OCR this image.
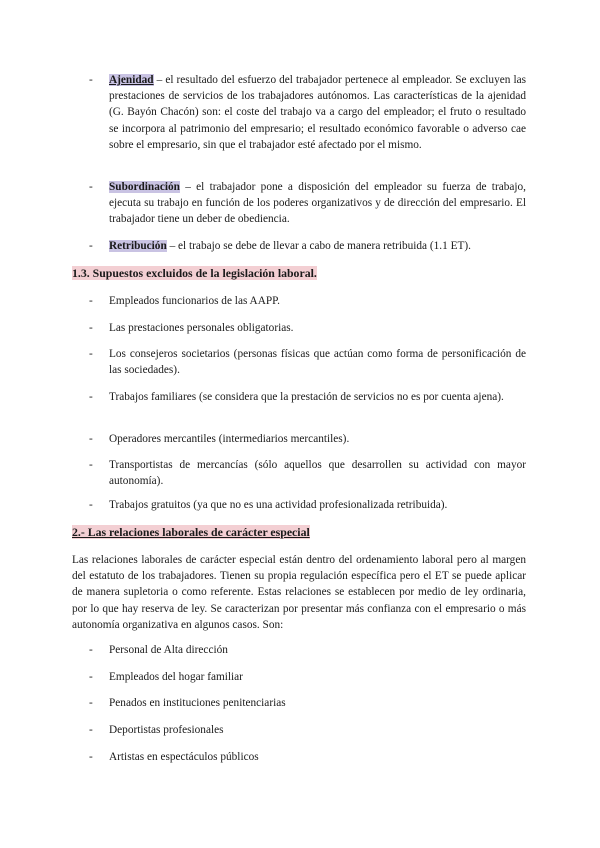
- Ajenidad – el resultado del esfuerzo del trabajador pertenece al empleador. Se excluyen las prestaciones de servicios de los trabajadores autónomos. Las características de la ajenidad (G. Bayón Chacón) son: el coste del trabajo va a cargo del empleador; el fruto o resultado se incorpora al patrimonio del empresario; el resultado económico favorable o adverso cae sobre el empresario, sin que el trabajador esté afectado por el mismo.
- Subordinación – el trabajador pone a disposición del empleador su fuerza de trabajo, ejecuta su trabajo en función de los poderes organizativos y de dirección del empresario. El trabajador tiene un deber de obediencia.
- Retribución – el trabajo se debe de llevar a cabo de manera retribuida (1.1 ET).
1.3. Supuestos excluidos de la legislación laboral.
- Empleados funcionarios de las AAPP.
- Las prestaciones personales obligatorias.
- Los consejeros societarios (personas físicas que actúan como forma de personificación de las sociedades).
- Trabajos familiares (se considera que la prestación de servicios no es por cuenta ajena).
- Operadores mercantiles (intermediarios mercantiles).
- Transportistas de mercancías (sólo aquellos que desarrollen su actividad con mayor autonomía).
- Trabajos gratuitos (ya que no es una actividad profesionalizada retribuida).
2.- Las relaciones laborales de carácter especial
Las relaciones laborales de carácter especial están dentro del ordenamiento laboral pero al margen del estatuto de los trabajadores. Tienen su propia regulación específica pero el ET se puede aplicar de manera supletoria o como referente. Estas relaciones se establecen por medio de ley ordinaria, por lo que hay reserva de ley. Se caracterizan por presentar más confianza con el empresario o más autonomía organizativa en algunos casos. Son:
- Personal de Alta dirección
- Empleados del hogar familiar
- Penados en instituciones penitenciarias
- Deportistas profesionales
- Artistas en espectáculos públicos
